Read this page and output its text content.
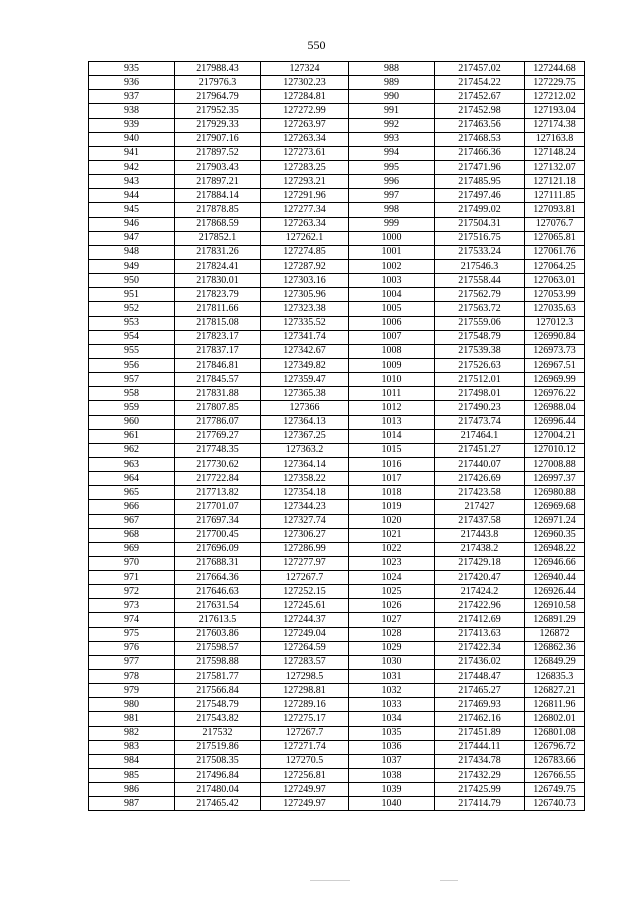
550
935	217988.43	127324	988	217457.02	127244.68
936	217976.3	127302.23	989	217454.22	127229.75
937	217964.79	127284.81	990	217452.67	127212.02
938	217952.35	127272.99	991	217452.98	127193.04
939	217929.33	127263.97	992	217463.56	127174.38
940	217907.16	127263.34	993	217468.53	127163.8
941	217897.52	127273.61	994	217466.36	127148.24
942	217903.43	127283.25	995	217471.96	127132.07
943	217897.21	127293.21	996	217485.95	127121.18
944	217884.14	127291.96	997	217497.46	127111.85
945	217878.85	127277.34	998	217499.02	127093.81
946	217868.59	127263.34	999	217504.31	127076.7
947	217852.1	127262.1	1000	217516.75	127065.81
948	217831.26	127274.85	1001	217533.24	127061.76
949	217824.41	127287.92	1002	217546.3	127064.25
950	217830.01	127303.16	1003	217558.44	127063.01
951	217823.79	127305.96	1004	217562.79	127053.99
952	217811.66	127323.38	1005	217563.72	127035.63
953	217815.08	127335.52	1006	217559.06	127012.3
954	217823.17	127341.74	1007	217548.79	126990.84
955	217837.17	127342.67	1008	217539.38	126973.73
956	217846.81	127349.82	1009	217526.63	126967.51
957	217845.57	127359.47	1010	217512.01	126969.99
958	217831.88	127365.38	1011	217498.01	126976.22
959	217807.85	127366	1012	217490.23	126988.04
960	217786.07	127364.13	1013	217473.74	126996.44
961	217769.27	127367.25	1014	217464.1	127004.21
962	217748.35	127363.2	1015	217451.27	127010.12
963	217730.62	127364.14	1016	217440.07	127008.88
964	217722.84	127358.22	1017	217426.69	126997.37
965	217713.82	127354.18	1018	217423.58	126980.88
966	217701.07	127344.23	1019	217427	126969.68
967	217697.34	127327.74	1020	217437.58	126971.24
968	217700.45	127306.27	1021	217443.8	126960.35
969	217696.09	127286.99	1022	217438.2	126948.22
970	217688.31	127277.97	1023	217429.18	126946.66
971	217664.36	127267.7	1024	217420.47	126940.44
972	217646.63	127252.15	1025	217424.2	126926.44
973	217631.54	127245.61	1026	217422.96	126910.58
974	217613.5	127244.37	1027	217412.69	126891.29
975	217603.86	127249.04	1028	217413.63	126872
976	217598.57	127264.59	1029	217422.34	126862.36
977	217598.88	127283.57	1030	217436.02	126849.29
978	217581.77	127298.5	1031	217448.47	126835.3
979	217566.84	127298.81	1032	217465.27	126827.21
980	217548.79	127289.16	1033	217469.93	126811.96
981	217543.82	127275.17	1034	217462.16	126802.01
982	217532	127267.7	1035	217451.89	126801.08
983	217519.86	127271.74	1036	217444.11	126796.72
984	217508.35	127270.5	1037	217434.78	126783.66
985	217496.84	127256.81	1038	217432.29	126766.55
986	217480.04	127249.97	1039	217425.99	126749.75
987	217465.42	127249.97	1040	217414.79	126740.73
